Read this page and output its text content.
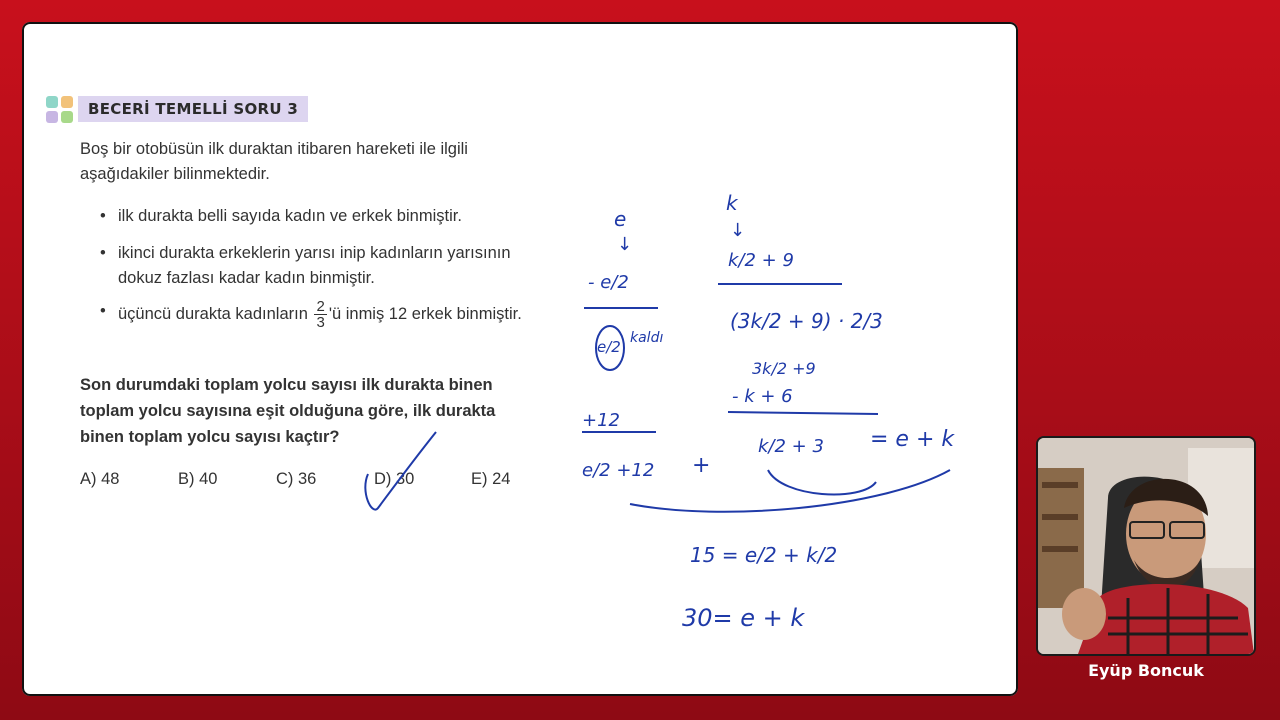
BECERİ TEMELLİ SORU 3

Boş bir otobüsün ilk duraktan itibaren hareketi ile ilgili aşağıdakiler bilinmektedir.

• ilk durakta belli sayıda kadın ve erkek binmiştir.
• ikinci durakta erkeklerin yarısı inip kadınların yarısının dokuz fazlası kadar kadın binmiştir.
• üçüncü durakta kadınların $\frac{2}{3}$ 'ü inmiş 12 erkek binmiştir.

Son durumdaki toplam yolcu sayısı ilk durakta binen toplam yolcu sayısına eşit olduğuna göre, ilk durakta binen toplam yolcu sayısı kaçtır?

A) 48	B) 40	C) 36	D) 30	E) 24
e
↓
- e/2
e/2 kaldı
+12
e/2 +12 +
k
↓
k/2 + 9
(3k/2 + 9) · 2/3
3k/2 +9
- k + 6
k/2 + 3 = e + k
15 = e/2 + k/2
30= e + k
Eyüp Boncuk
